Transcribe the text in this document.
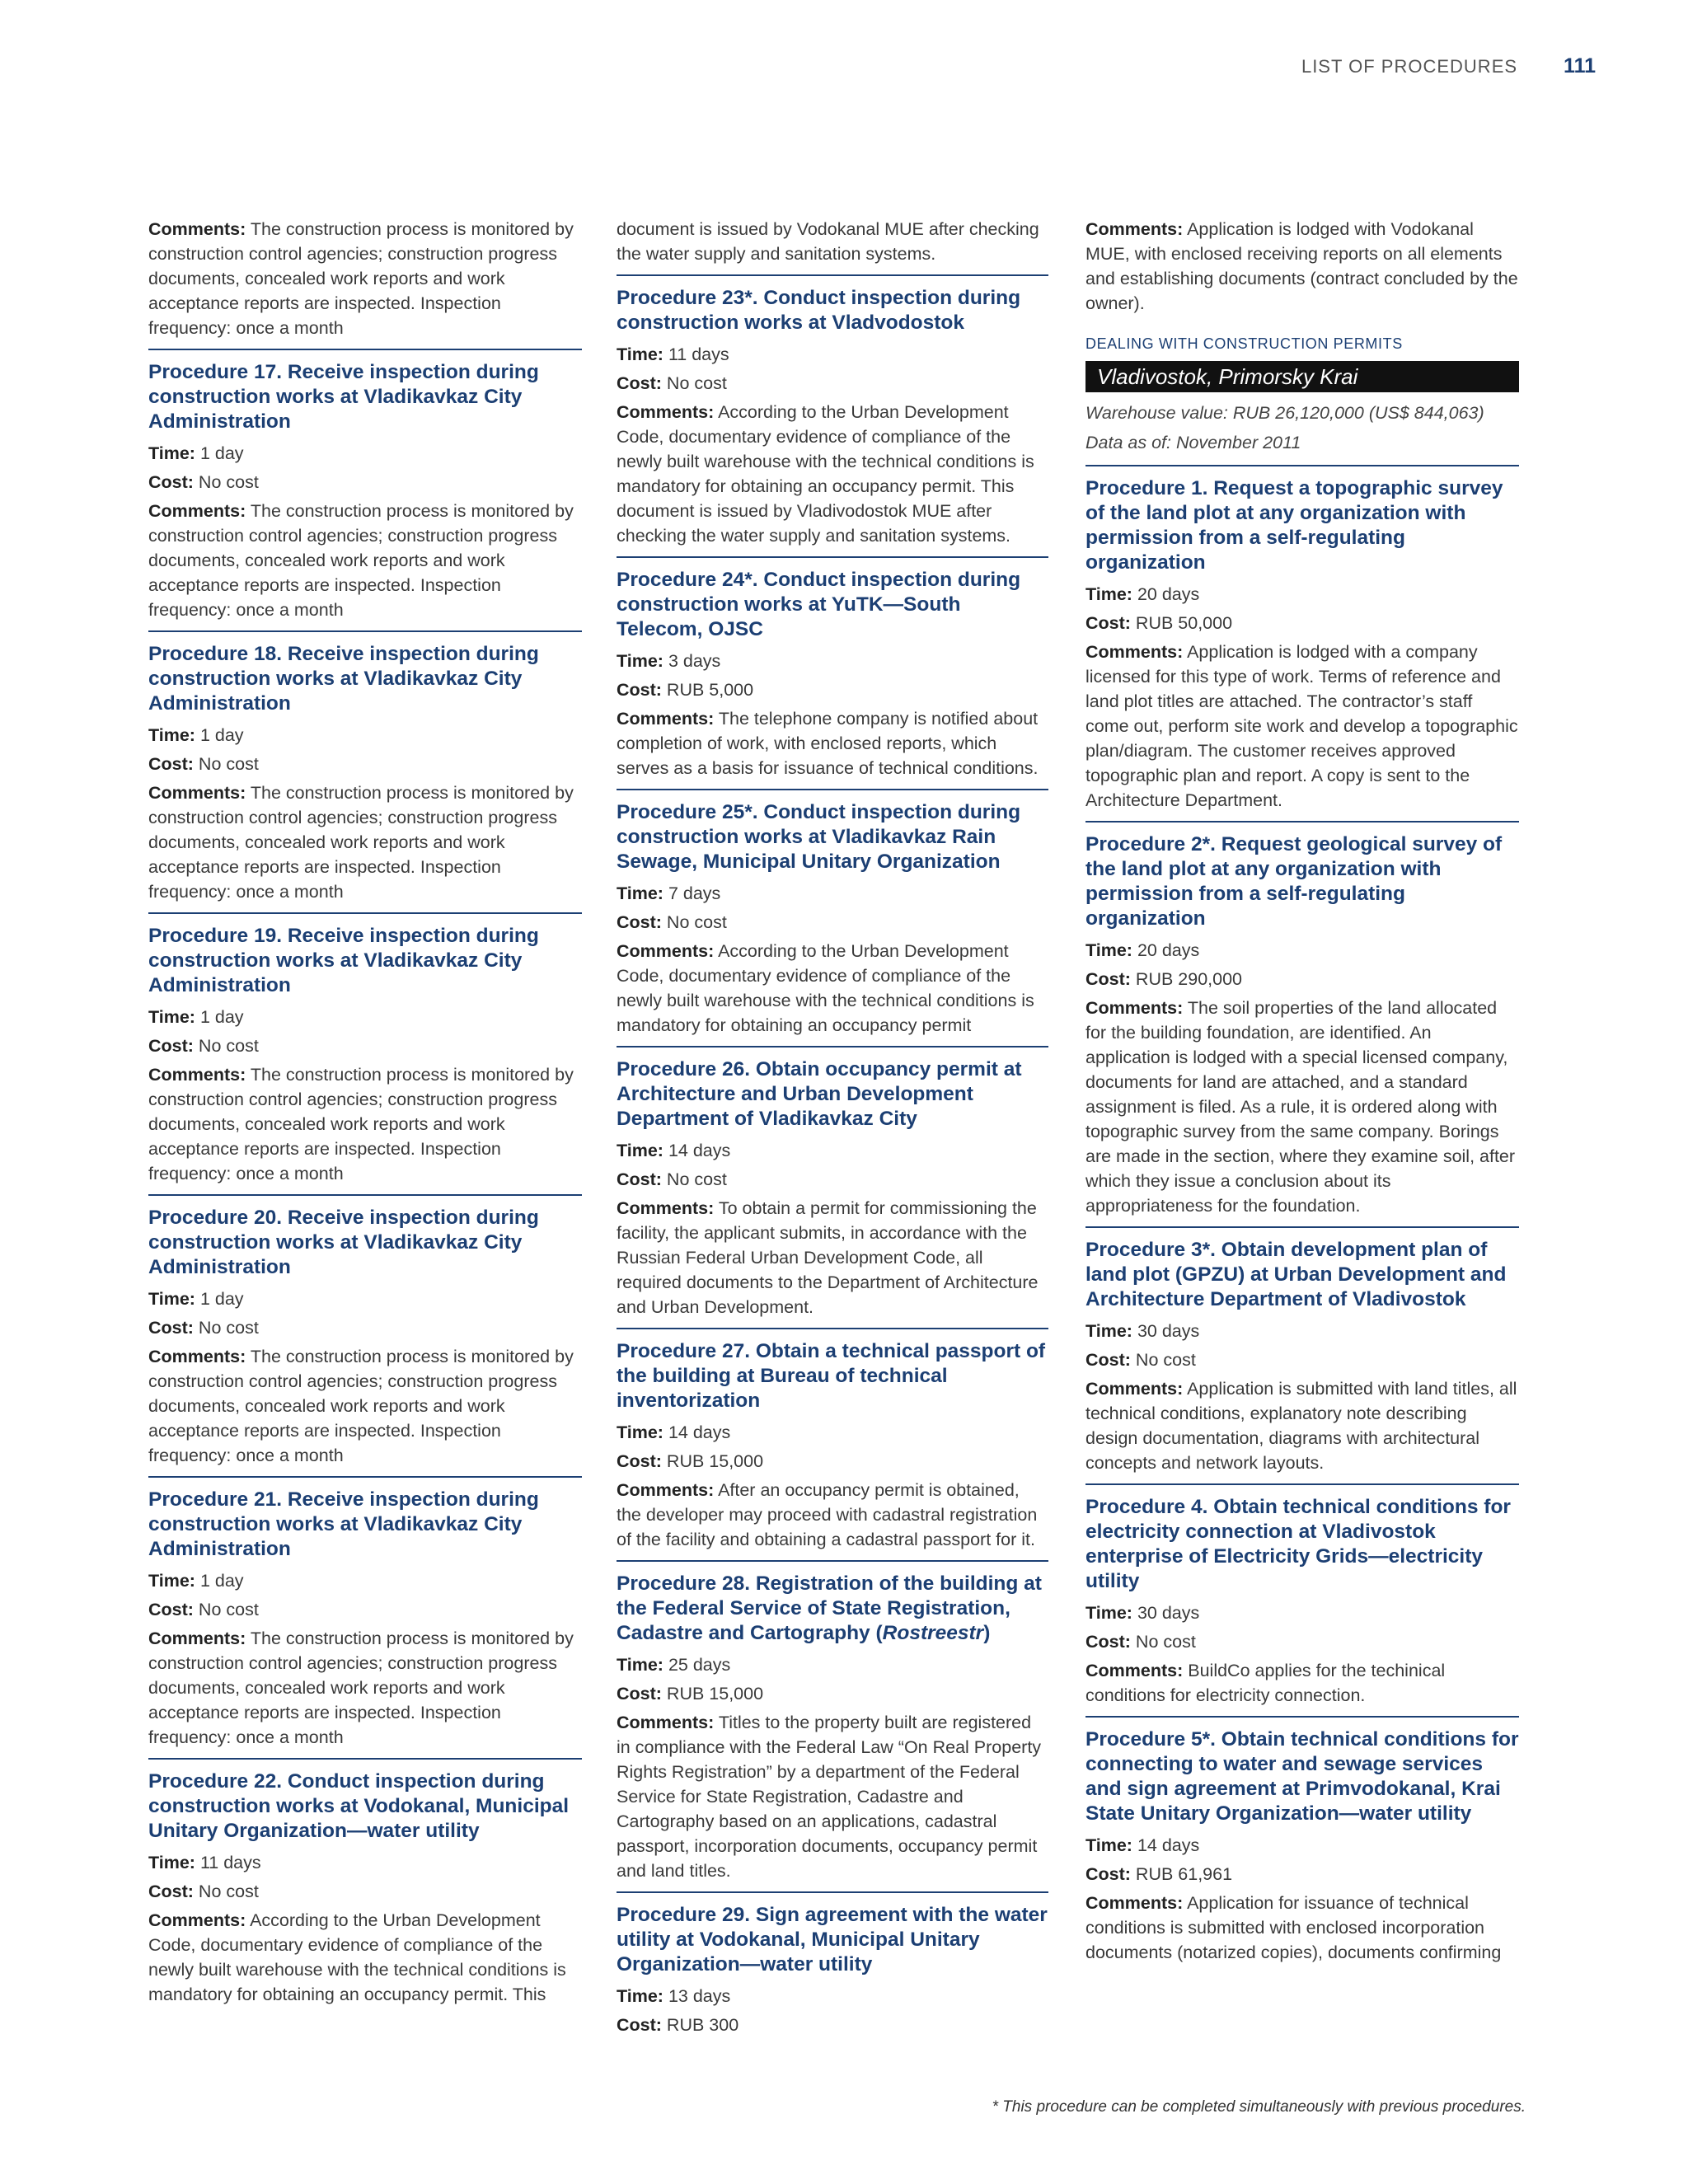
LIST OF PROCEDURES 111

Comments: The construction process is monitored by construction control agencies; construction progress documents, concealed work reports and work acceptance reports are inspected. Inspection frequency: once a month

Procedure 17. Receive inspection during construction works at Vladikavkaz City Administration

Time: 1 day

Cost: No cost

Comments: The construction process is monitored by construction control agencies; construction progress documents, concealed work reports and work acceptance reports are inspected. Inspection frequency: once a month

Procedure 18. Receive inspection during construction works at Vladikavkaz City Administration

Time: 1 day

Cost: No cost

Comments: The construction process is monitored by construction control agencies; construction progress documents, concealed work reports and work acceptance reports are inspected. Inspection frequency: once a month

Procedure 19. Receive inspection during construction works at Vladikavkaz City Administration

Time: 1 day

Cost: No cost

Comments: The construction process is monitored by construction control agencies; construction progress documents, concealed work reports and work acceptance reports are inspected. Inspection frequency: once a month

Procedure 20. Receive inspection during construction works at Vladikavkaz City Administration

Time: 1 day

Cost: No cost

Comments: The construction process is monitored by construction control agencies; construction progress documents, concealed work reports and work acceptance reports are inspected. Inspection frequency: once a month

Procedure 21. Receive inspection during construction works at Vladikavkaz City Administration

Time: 1 day

Cost: No cost

Comments: The construction process is monitored by construction control agencies; construction progress documents, concealed work reports and work acceptance reports are inspected. Inspection frequency: once a month

Procedure 22. Conduct inspection during construction works at Vodokanal, Municipal Unitary Organization—water utility

Time: 11 days

Cost: No cost

Comments: According to the Urban Development Code, documentary evidence of compliance of the newly built warehouse with the technical conditions is mandatory for obtaining an occupancy permit. This

document is issued by Vodokanal MUE after checking the water supply and sanitation systems.

Procedure 23*. Conduct inspection during construction works at Vladvodostok

Time: 11 days

Cost: No cost

Comments: According to the Urban Development Code, documentary evidence of compliance of the newly built warehouse with the technical conditions is mandatory for obtaining an occupancy permit. This document is issued by Vladivodostok MUE after checking the water supply and sanitation systems.

Procedure 24*. Conduct inspection during construction works at YuTK—South Telecom, OJSC

Time: 3 days

Cost: RUB 5,000

Comments: The telephone company is notified about completion of work, with enclosed reports, which serves as a basis for issuance of technical conditions.

Procedure 25*. Conduct inspection during construction works at Vladikavkaz Rain Sewage, Municipal Unitary Organization

Time: 7 days

Cost: No cost

Comments: According to the Urban Development Code, documentary evidence of compliance of the newly built warehouse with the technical conditions is mandatory for obtaining an occupancy permit

Procedure 26. Obtain occupancy permit at Architecture and Urban Development Department of Vladikavkaz City

Time: 14 days

Cost: No cost

Comments: To obtain a permit for commissioning the facility, the applicant submits, in accordance with the Russian Federal Urban Development Code, all required documents to the Department of Architecture and Urban Development.

Procedure 27. Obtain a technical passport of the building at Bureau of technical inventorization

Time: 14 days

Cost: RUB 15,000

Comments: After an occupancy permit is obtained, the developer may proceed with cadastral registration of the facility and obtaining a cadastral passport for it.

Procedure 28. Registration of the building at the Federal Service of State Registration, Cadastre and Cartography (Rostreestr)

Time: 25 days

Cost: RUB 15,000

Comments: Titles to the property built are registered in compliance with the Federal Law “On Real Property Rights Registration” by a department of the Federal Service for State Registration, Cadastre and Cartography based on an applications, cadastral passport, incorporation documents, occupancy permit and land titles.

Procedure 29. Sign agreement with the water utility at Vodokanal, Municipal Unitary Organization—water utility

Time: 13 days

Cost: RUB 300

Comments: Application is lodged with Vodokanal MUE, with enclosed receiving reports on all elements and establishing documents (contract concluded by the owner).

DEALING WITH CONSTRUCTION PERMITS

Vladivostok, Primorsky Krai

Warehouse value: RUB 26,120,000 (US$ 844,063)

Data as of: November 2011

Procedure 1. Request a topographic survey of the land plot at any organization with permission from a self-regulating organization

Time: 20 days

Cost: RUB 50,000

Comments: Application is lodged with a company licensed for this type of work. Terms of reference and land plot titles are attached. The contractor’s staff come out, perform site work and develop a topographic plan/diagram. The customer receives approved topographic plan and report. A copy is sent to the Architecture Department.

Procedure 2*. Request geological survey of the land plot at any organization with permission from a self-regulating organization

Time: 20 days

Cost: RUB 290,000

Comments: The soil properties of the land allocated for the building foundation, are identified. An application is lodged with a special licensed company, documents for land are attached, and a standard assignment is filed. As a rule, it is ordered along with topographic survey from the same company. Borings are made in the section, where they examine soil, after which they issue a conclusion about its appropriateness for the foundation.

Procedure 3*. Obtain development plan of land plot (GPZU) at Urban Development and Architecture Department of Vladivostok

Time: 30 days

Cost: No cost

Comments: Application is submitted with land titles, all technical conditions, explanatory note describing design documentation, diagrams with architectural concepts and network layouts.

Procedure 4. Obtain technical conditions for electricity connection at Vladivostok enterprise of Electricity Grids—electricity utility

Time: 30 days

Cost: No cost

Comments: BuildCo applies for the techinical conditions for electricity connection.

Procedure 5*. Obtain technical conditions for connecting to water and sewage services and sign agreement at Primvodokanal, Krai State Unitary Organization—water utility

Time: 14 days

Cost: RUB 61,961

Comments: Application for issuance of technical conditions is submitted with enclosed incorporation documents (notarized copies), documents confirming

* This procedure can be completed simultaneously with previous procedures.
